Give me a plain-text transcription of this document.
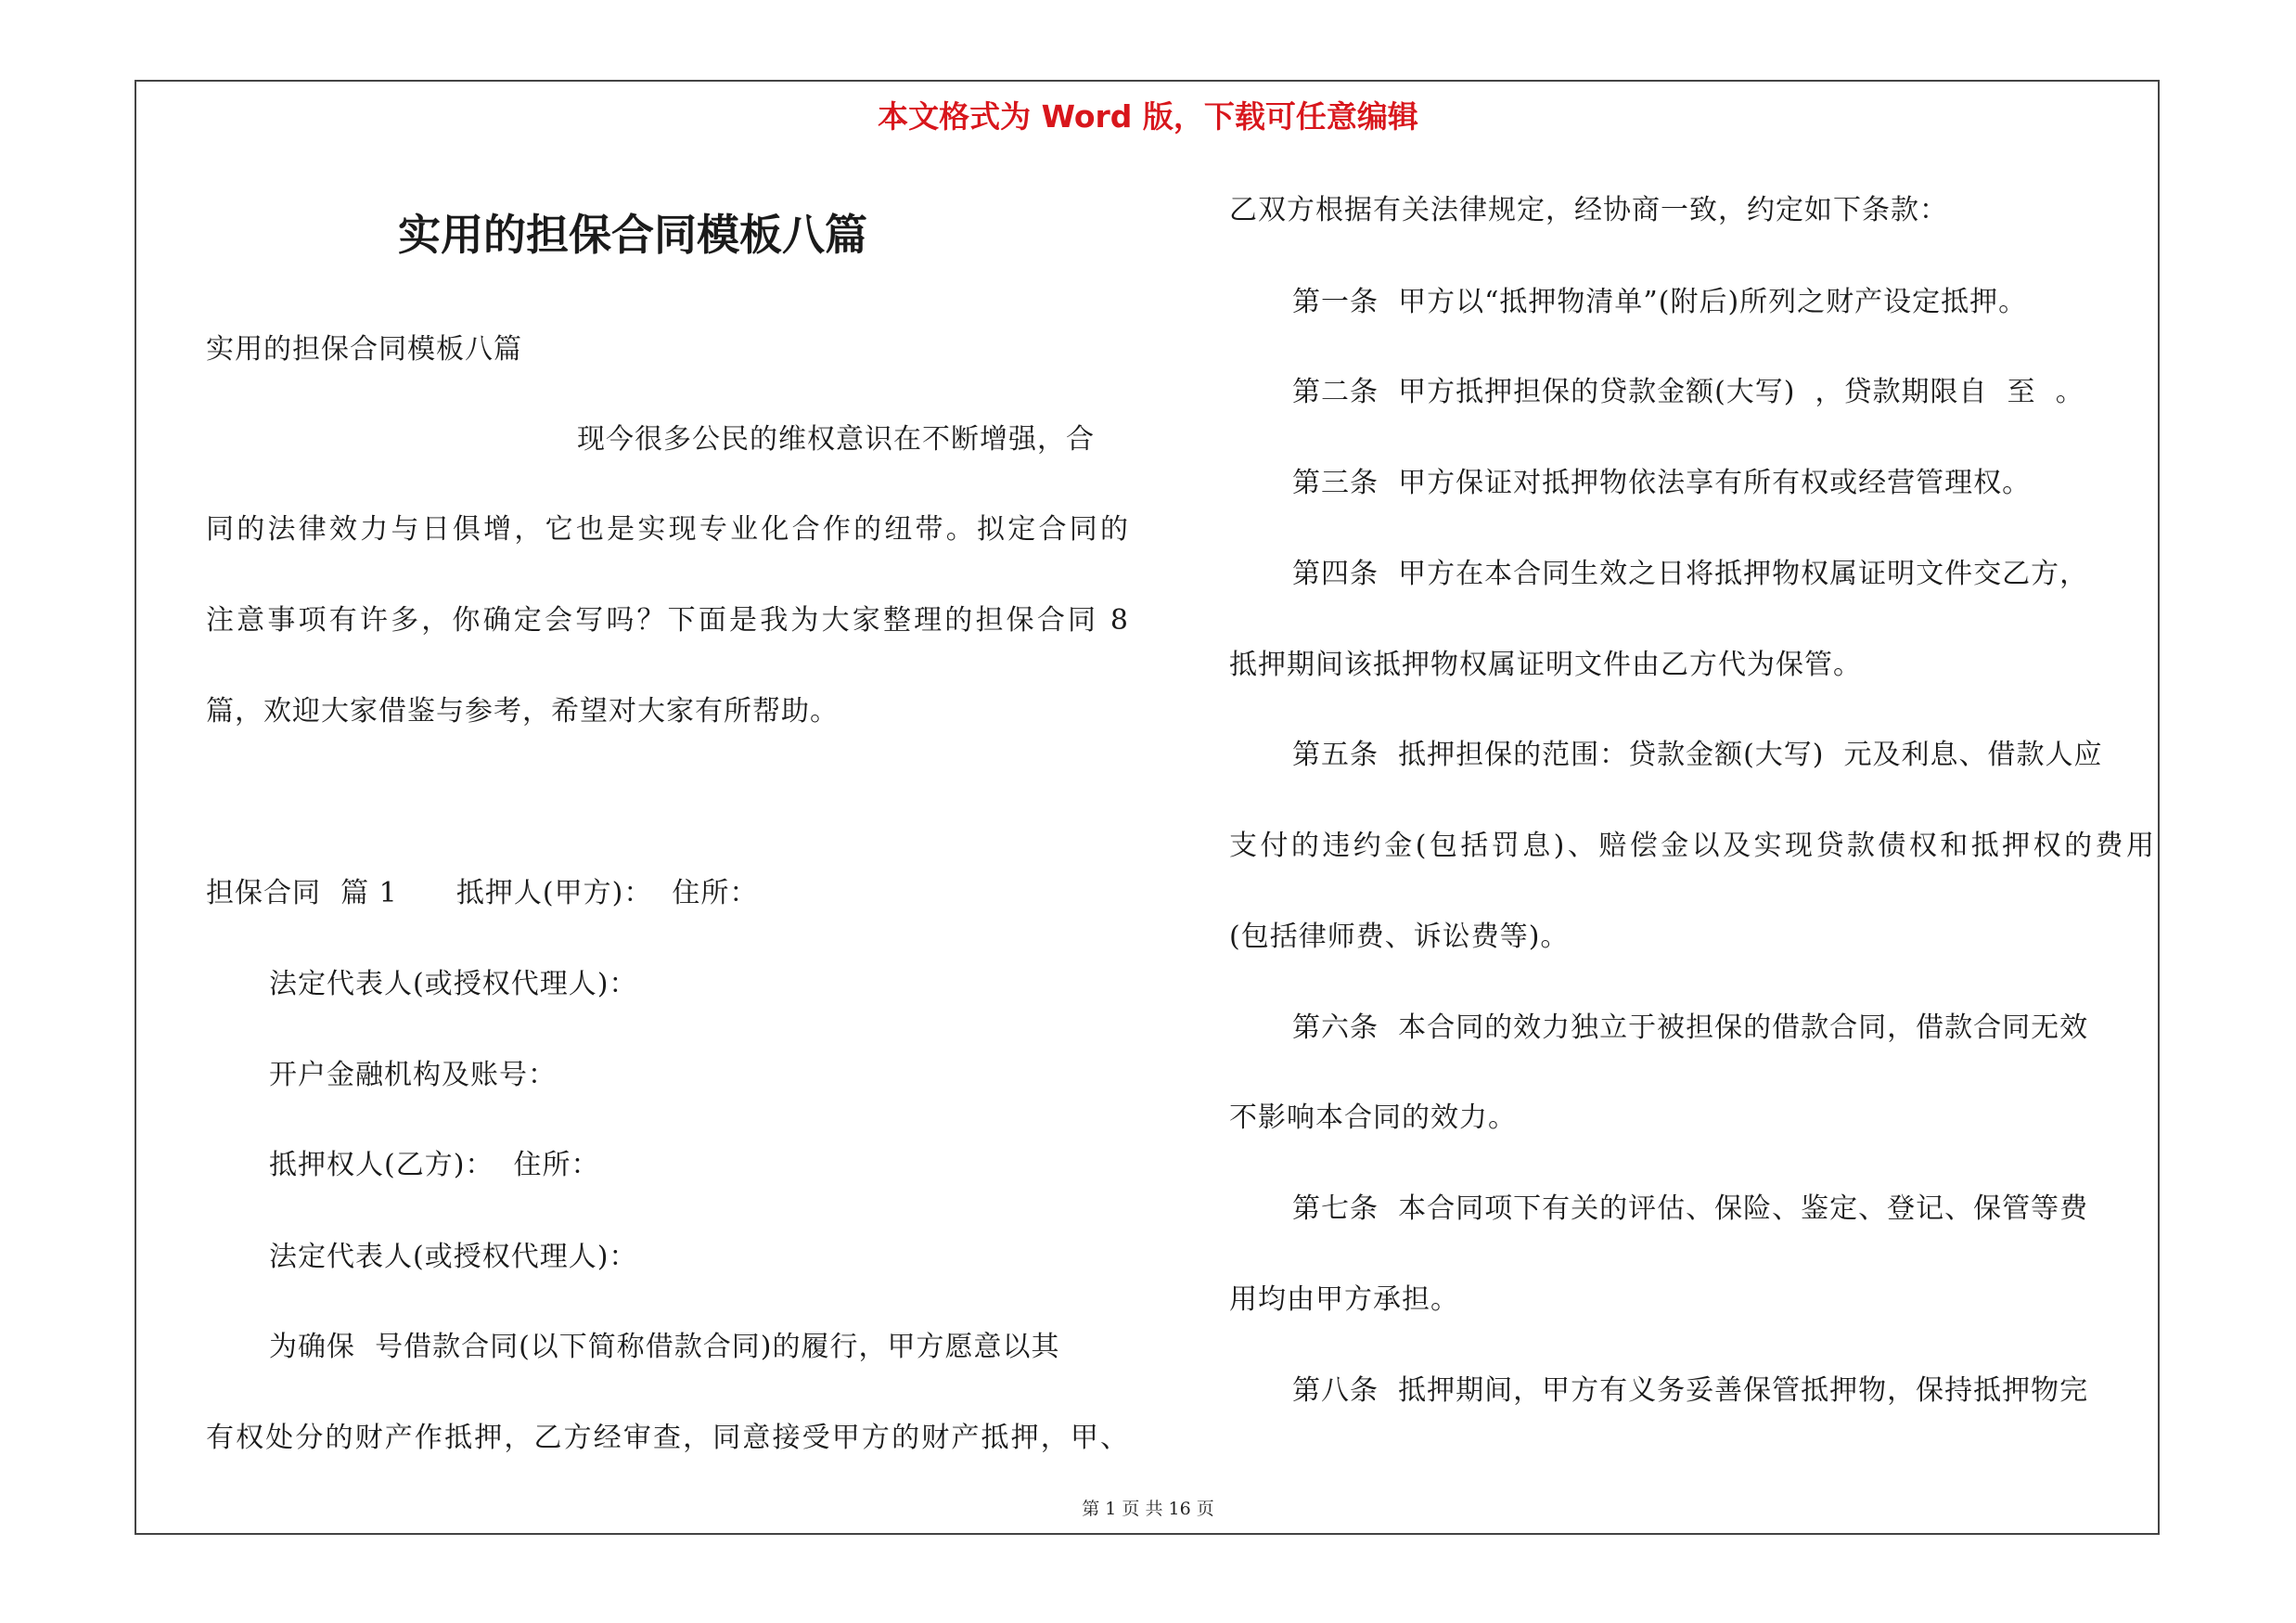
本文格式为 Word 版，下载可任意编辑
实用的担保合同模板八篇
实用的担保合同模板八篇
现今很多公民的维权意识在不断增强，合
同的法律效力与日俱增，它也是实现专业化合作的纽带。拟定合同的
注意事项有许多，你确定会写吗？下面是我为大家整理的担保合同 8
篇，欢迎大家借鉴与参考，希望对大家有所帮助。
担保合同  篇 1      抵押人(甲方)：  住所：
法定代表人(或授权代理人)：
开户金融机构及账号：
抵押权人(乙方)：  住所：
法定代表人(或授权代理人)：
为确保  号借款合同(以下简称借款合同)的履行，甲方愿意以其
有权处分的财产作抵押，乙方经审查，同意接受甲方的财产抵押，甲、
乙双方根据有关法律规定，经协商一致，约定如下条款：
第一条  甲方以“抵押物清单”(附后)所列之财产设定抵押。
第二条  甲方抵押担保的贷款金额(大写)  ，贷款期限自  至  。
第三条  甲方保证对抵押物依法享有所有权或经营管理权。
第四条  甲方在本合同生效之日将抵押物权属证明文件交乙方，
抵押期间该抵押物权属证明文件由乙方代为保管。
第五条  抵押担保的范围：贷款金额(大写)  元及利息、借款人应
支付的违约金(包括罚息)、赔偿金以及实现贷款债权和抵押权的费用
(包括律师费、诉讼费等)。
第六条  本合同的效力独立于被担保的借款合同，借款合同无效
不影响本合同的效力。
第七条  本合同项下有关的评估、保险、鉴定、登记、保管等费
用均由甲方承担。
第八条  抵押期间，甲方有义务妥善保管抵押物，保持抵押物完
第 1 页 共 16 页
